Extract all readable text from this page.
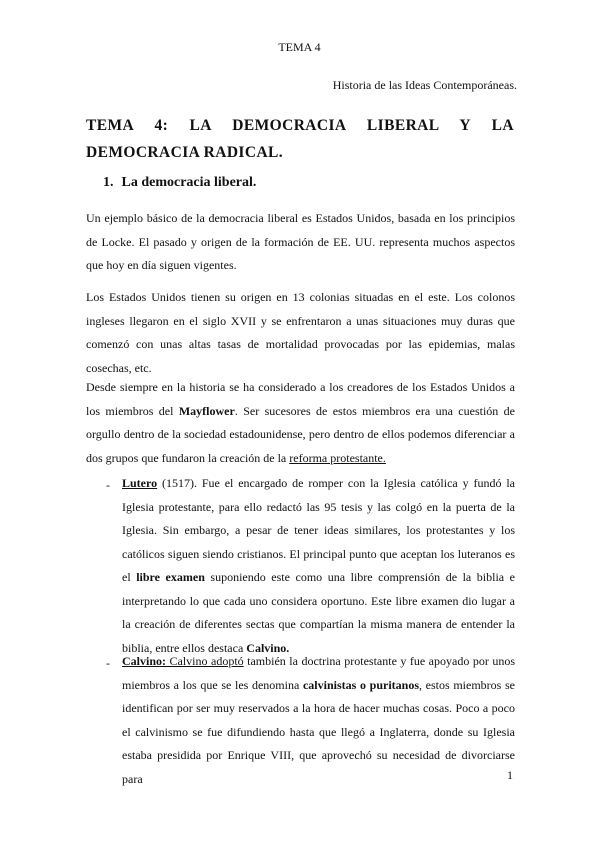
TEMA 4
Historia de las Ideas Contemporáneas.
TEMA 4: LA DEMOCRACIA LIBERAL Y LA DEMOCRACIA RADICAL.
1. La democracia liberal.

Un ejemplo básico de la democracia liberal es Estados Unidos, basada en los principios de Locke. El pasado y origen de la formación de EE. UU. representa muchos aspectos que hoy en día siguen vigentes.

Los Estados Unidos tienen su origen en 13 colonias situadas en el este. Los colonos ingleses llegaron en el siglo XVII y se enfrentaron a unas situaciones muy duras que comenzó con unas altas tasas de mortalidad provocadas por las epidemias, malas cosechas, etc.

Desde siempre en la historia se ha considerado a los creadores de los Estados Unidos a los miembros del Mayflower. Ser sucesores de estos miembros era una cuestión de orgullo dentro de la sociedad estadounidense, pero dentro de ellos podemos diferenciar a dos grupos que fundaron la creación de la reforma protestante.

- Lutero (1517). Fue el encargado de romper con la Iglesia católica y fundó la Iglesia protestante, para ello redactó las 95 tesis y las colgó en la puerta de la Iglesia. Sin embargo, a pesar de tener ideas similares, los protestantes y los católicos siguen siendo cristianos. El principal punto que aceptan los luteranos es el libre examen suponiendo este como una libre comprensión de la biblia e interpretando lo que cada uno considera oportuno. Este libre examen dio lugar a la creación de diferentes sectas que compartían la misma manera de entender la biblia, entre ellos destaca Calvino.

- Calvino: Calvino adoptó también la doctrina protestante y fue apoyado por unos miembros a los que se les denomina calvinistas o puritanos, estos miembros se identifican por ser muy reservados a la hora de hacer muchas cosas. Poco a poco el calvinismo se fue difundiendo hasta que llegó a Inglaterra, donde su Iglesia estaba presidida por Enrique VIII, que aprovechó su necesidad de divorciarse para	1
